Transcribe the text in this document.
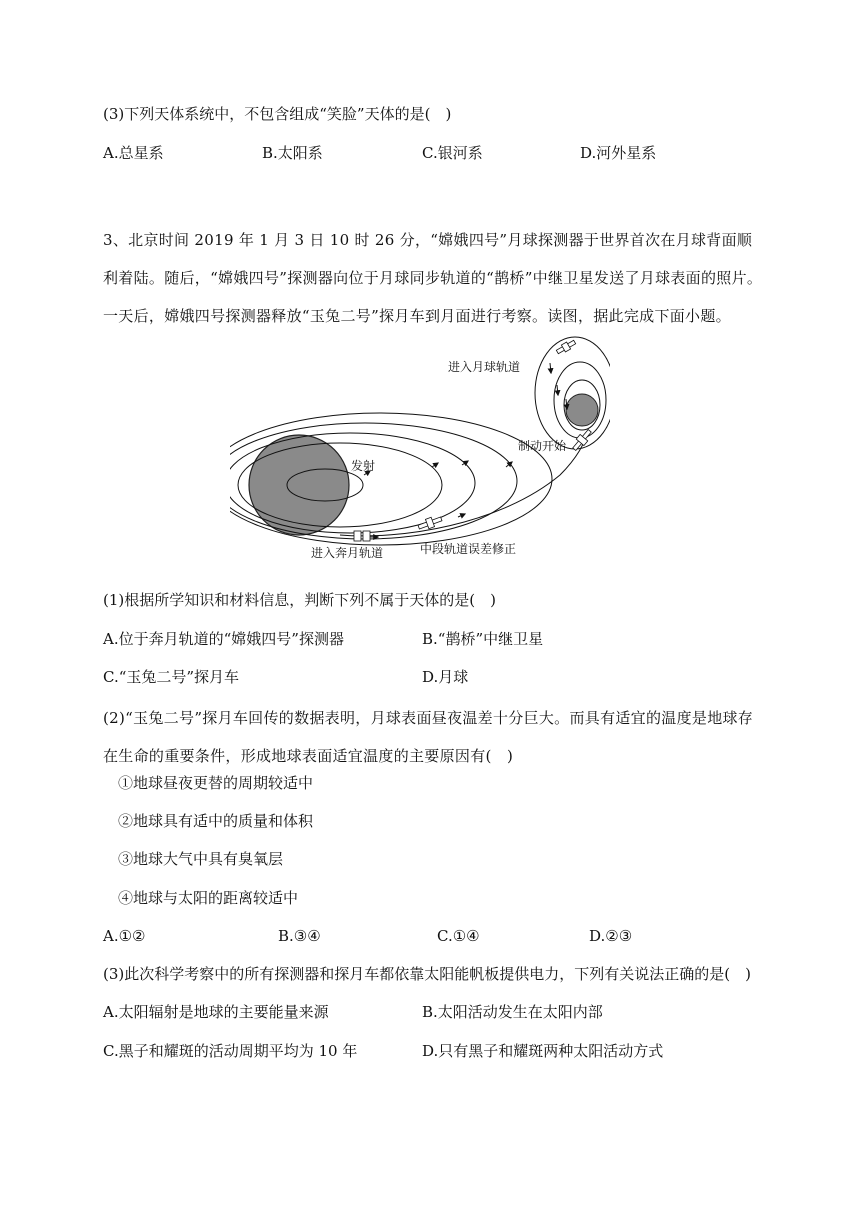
(3)下列天体系统中，不包含组成“笑脸”天体的是(　)
A.总星系	B.太阳系	C.银河系	D.河外星系
3、北京时间 2019 年 1 月 3 日 10 时 26 分，“嫦娥四号”月球探测器于世界首次在月球背面顺利着陆。随后，“嫦娥四号”探测器向位于月球同步轨道的“鹊桥”中继卫星发送了月球表面的照片。一天后，嫦娥四号探测器释放“玉兔二号”探月车到月面进行考察。读图，据此完成下面小题。
进入月球轨道
制动开始
发射
进入奔月轨道	中段轨道误差修正
(1)根据所学知识和材料信息，判断下列不属于天体的是(　)
A.位于奔月轨道的“嫦娥四号”探测器	B.“鹊桥”中继卫星
C.“玉兔二号”探月车	D.月球
(2)“玉兔二号”探月车回传的数据表明，月球表面昼夜温差十分巨大。而具有适宜的温度是地球存在生命的重要条件，形成地球表面适宜温度的主要原因有(　)
①地球昼夜更替的周期较适中
②地球具有适中的质量和体积
③地球大气中具有臭氧层
④地球与太阳的距离较适中
A.①②	B.③④	C.①④	D.②③
(3)此次科学考察中的所有探测器和探月车都依靠太阳能帆板提供电力，下列有关说法正确的是(　)
A.太阳辐射是地球的主要能量来源	B.太阳活动发生在太阳内部
C.黑子和耀斑的活动周期平均为 10 年	D.只有黑子和耀斑两种太阳活动方式
